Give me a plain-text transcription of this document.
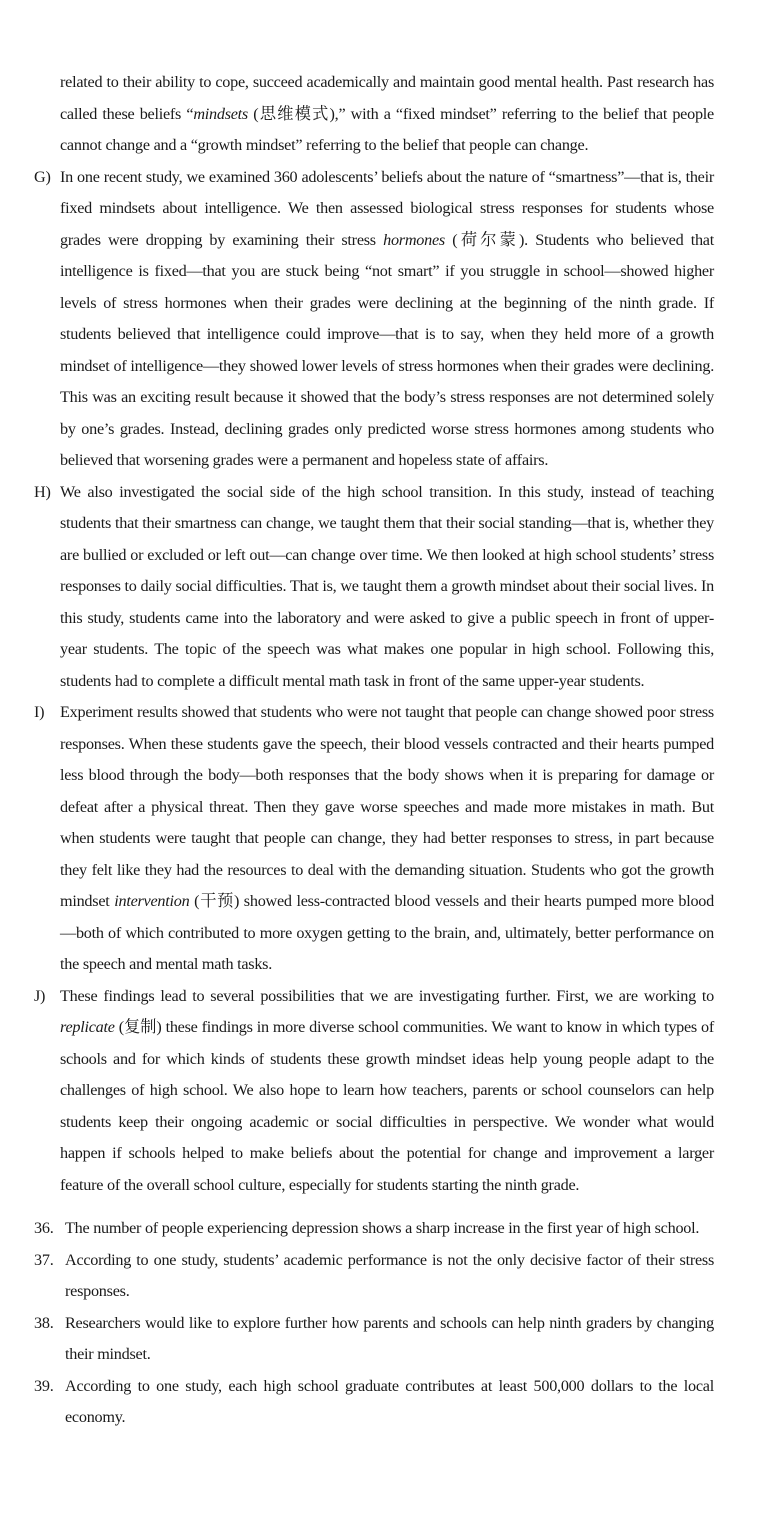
related to their ability to cope, succeed academically and maintain good mental health. Past research has called these beliefs “mindsets (思维模式),” with a “fixed mindset” referring to the belief that people cannot change and a “growth mindset” referring to the belief that people can change.

G) In one recent study, we examined 360 adolescents’ beliefs about the nature of “smartness”—that is, their fixed mindsets about intelligence. We then assessed biological stress responses for students whose grades were dropping by examining their stress hormones (荷尔蒙). Students who believed that intelligence is fixed—that you are stuck being “not smart” if you struggle in school—showed higher levels of stress hormones when their grades were declining at the beginning of the ninth grade. If students believed that intelligence could improve—that is to say, when they held more of a growth mindset of intelligence—they showed lower levels of stress hormones when their grades were declining. This was an exciting result because it showed that the body’s stress responses are not determined solely by one’s grades. Instead, declining grades only predicted worse stress hormones among students who believed that worsening grades were a permanent and hopeless state of affairs.

H) We also investigated the social side of the high school transition. In this study, instead of teaching students that their smartness can change, we taught them that their social standing—that is, whether they are bullied or excluded or left out—can change over time. We then looked at high school students’ stress responses to daily social difficulties. That is, we taught them a growth mindset about their social lives. In this study, students came into the laboratory and were asked to give a public speech in front of upper-year students. The topic of the speech was what makes one popular in high school. Following this, students had to complete a difficult mental math task in front of the same upper-year students.

I) Experiment results showed that students who were not taught that people can change showed poor stress responses. When these students gave the speech, their blood vessels contracted and their hearts pumped less blood through the body—both responses that the body shows when it is preparing for damage or defeat after a physical threat. Then they gave worse speeches and made more mistakes in math. But when students were taught that people can change, they had better responses to stress, in part because they felt like they had the resources to deal with the demanding situation. Students who got the growth mindset intervention (干预) showed less-contracted blood vessels and their hearts pumped more blood—both of which contributed to more oxygen getting to the brain, and, ultimately, better performance on the speech and mental math tasks.

J) These findings lead to several possibilities that we are investigating further. First, we are working to replicate (复制) these findings in more diverse school communities. We want to know in which types of schools and for which kinds of students these growth mindset ideas help young people adapt to the challenges of high school. We also hope to learn how teachers, parents or school counselors can help students keep their ongoing academic or social difficulties in perspective. We wonder what would happen if schools helped to make beliefs about the potential for change and improvement a larger feature of the overall school culture, especially for students starting the ninth grade.

36. The number of people experiencing depression shows a sharp increase in the first year of high school.

37. According to one study, students’ academic performance is not the only decisive factor of their stress responses.

38. Researchers would like to explore further how parents and schools can help ninth graders by changing their mindset.

39. According to one study, each high school graduate contributes at least 500,000 dollars to the local economy.
